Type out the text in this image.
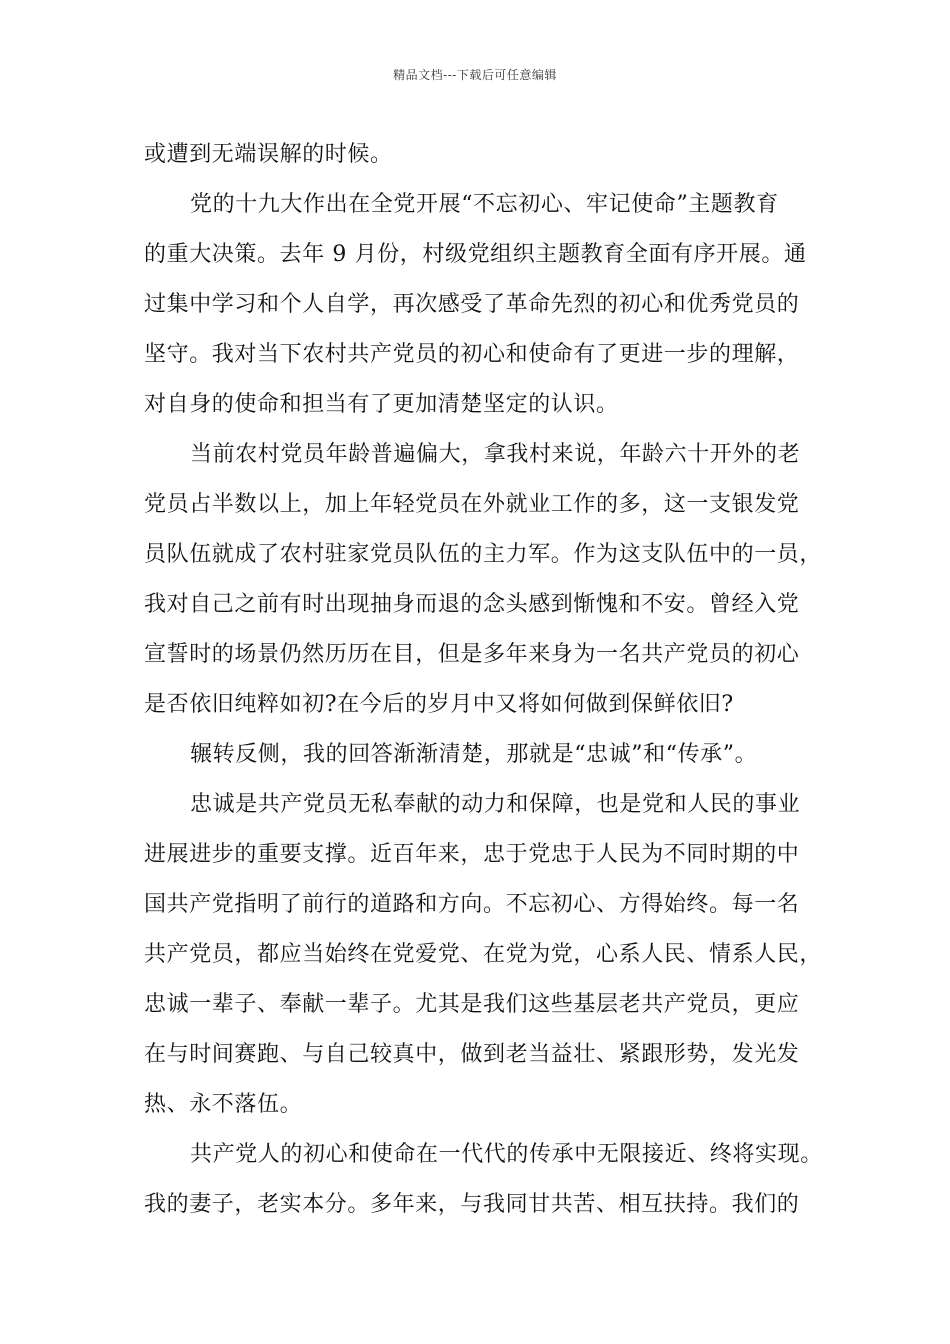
精品文档---下载后可任意编辑
或遭到无端误解的时候。
党的十九大作出在全党开展“不忘初心、牢记使命”主题教育
的重大决策。去年 9 月份，村级党组织主题教育全面有序开展。通
过集中学习和个人自学，再次感受了革命先烈的初心和优秀党员的
坚守。我对当下农村共产党员的初心和使命有了更进一步的理解，
对自身的使命和担当有了更加清楚坚定的认识。
当前农村党员年龄普遍偏大，拿我村来说，年龄六十开外的老
党员占半数以上，加上年轻党员在外就业工作的多，这一支银发党
员队伍就成了农村驻家党员队伍的主力军。作为这支队伍中的一员，
我对自己之前有时出现抽身而退的念头感到惭愧和不安。曾经入党
宣誓时的场景仍然历历在目，但是多年来身为一名共产党员的初心
是否依旧纯粹如初?在今后的岁月中又将如何做到保鲜依旧?
辗转反侧，我的回答渐渐清楚，那就是“忠诚”和“传承”。
忠诚是共产党员无私奉献的动力和保障，也是党和人民的事业
进展进步的重要支撑。近百年来，忠于党忠于人民为不同时期的中
国共产党指明了前行的道路和方向。不忘初心、方得始终。每一名
共产党员，都应当始终在党爱党、在党为党，心系人民、情系人民，
忠诚一辈子、奉献一辈子。尤其是我们这些基层老共产党员，更应
在与时间赛跑、与自己较真中，做到老当益壮、紧跟形势，发光发
热、永不落伍。
共产党人的初心和使命在一代代的传承中无限接近、终将实现。
我的妻子，老实本分。多年来，与我同甘共苦、相互扶持。我们的
